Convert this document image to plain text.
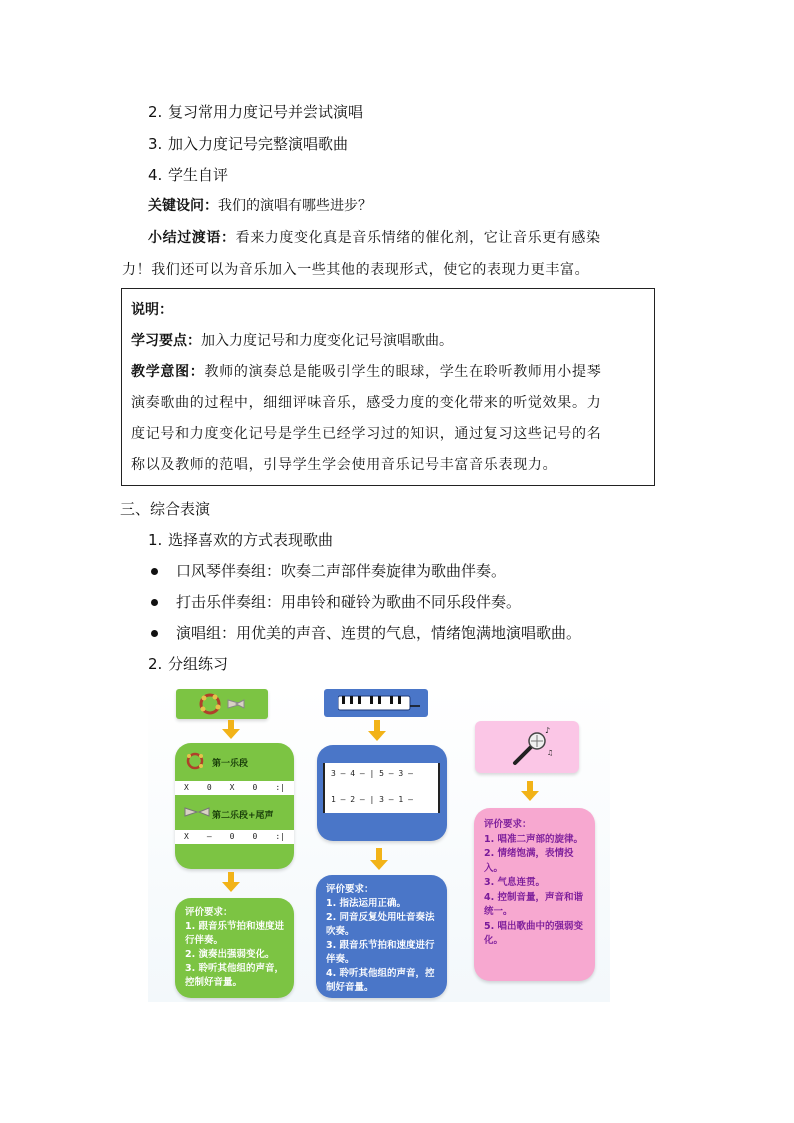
2. 复习常用力度记号并尝试演唱
3. 加入力度记号完整演唱歌曲
4. 学生自评
关键设问：我们的演唱有哪些进步？
小结过渡语：看来力度变化真是音乐情绪的催化剂，它让音乐更有感染
力！我们还可以为音乐加入一些其他的表现形式，使它的表现力更丰富。
说明：
学习要点：加入力度记号和力度变化记号演唱歌曲。
教学意图：教师的演奏总是能吸引学生的眼球，学生在聆听教师用小提琴
演奏歌曲的过程中，细细评味音乐，感受力度的变化带来的听觉效果。力
度记号和力度变化记号是学生已经学习过的知识，通过复习这些记号的名
称以及教师的范唱，引导学生学会使用音乐记号丰富音乐表现力。
三、综合表演
1. 选择喜欢的方式表现歌曲
口风琴伴奏组：吹奏二声部伴奏旋律为歌曲伴奏。
打击乐伴奏组：用串铃和碰铃为歌曲不同乐段伴奏。
演唱组：用优美的声音、连贯的气息，情绪饱满地演唱歌曲。
2. 分组练习
第一乐段
X 0 X 0 :|
第二乐段+尾声
X – 0 0 :|
评价要求：
1. 跟音乐节拍和速度进行伴奏。
2. 演奏出强弱变化。
3. 聆听其他组的声音，控制好音量。
3 – 4 – | 5 – 3 –
1 – 2 – | 3 – 1 –
评价要求：
1. 指法运用正确。
2. 同音反复处用吐音奏法吹奏。
3. 跟音乐节拍和速度进行伴奏。
4. 聆听其他组的声音，控制好音量。
♪
♫
评价要求：
1. 唱准二声部的旋律。
2. 情绪饱满，表情投入。
3. 气息连贯。
4. 控制音量，声音和谐统一。
5. 唱出歌曲中的强弱变化。
